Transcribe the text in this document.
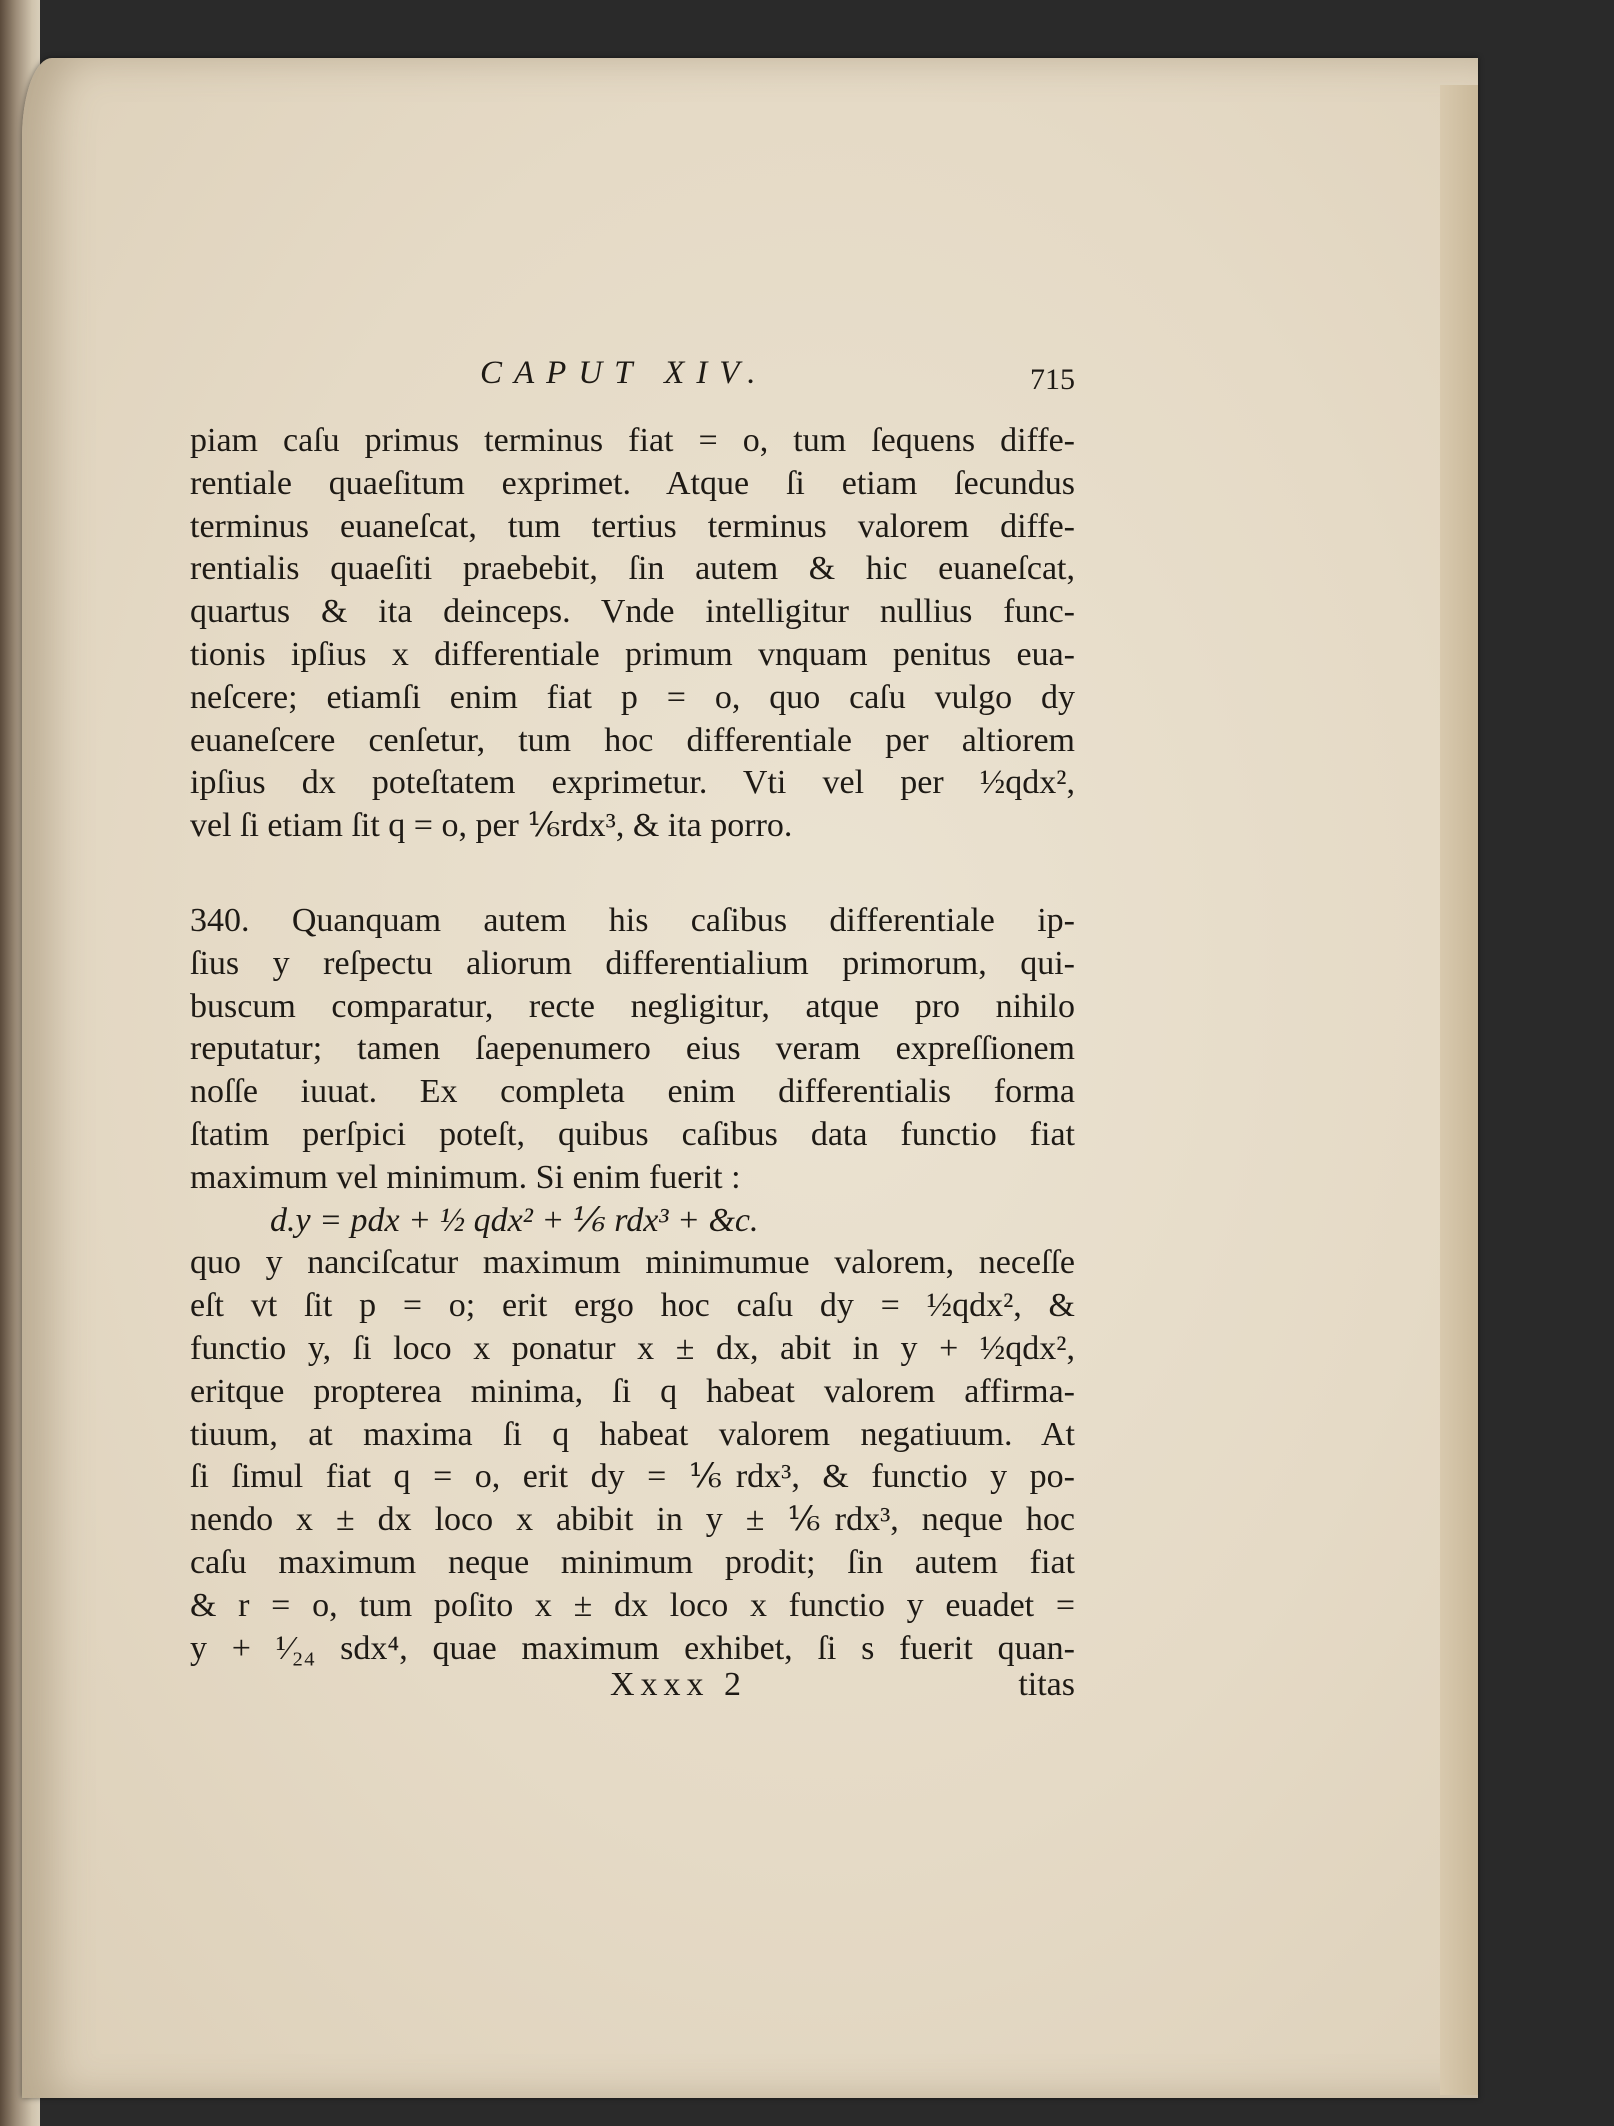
CAPUT XIV.	715
piam caſu primus terminus fiat = o, tum ſequens diffe-
rentiale quaeſitum exprimet. Atque ſi etiam ſecundus
terminus euaneſcat, tum tertius terminus valorem diffe-
rentialis quaeſiti praebebit, ſin autem & hic euaneſcat,
quartus & ita deinceps. Vnde intelligitur nullius func-
tionis ipſius x differentiale primum vnquam penitus eua-
neſcere; etiamſi enim fiat p = o, quo caſu vulgo dy
euaneſcere cenſetur, tum hoc differentiale per altiorem
ipſius dx poteſtatem exprimetur. Vti vel per ½qdx²,
vel ſi etiam ſit q = o, per ⅙rdx³, & ita porro.
340. Quanquam autem his caſibus differentiale ip-
ſius y reſpectu aliorum differentialium primorum, qui-
buscum comparatur, recte negligitur, atque pro nihilo
reputatur; tamen ſaepenumero eius veram expreſſionem
noſſe iuuat. Ex completa enim differentialis forma
ſtatim perſpici poteſt, quibus caſibus data functio fiat
maximum vel minimum. Si enim fuerit :
d.y = pdx + ½ qdx² + ⅙ rdx³ + &c.
quo y nanciſcatur maximum minimumue valorem, neceſſe
eſt vt ſit p = o; erit ergo hoc caſu dy = ½qdx², &
functio y, ſi loco x ponatur x ± dx, abit in y + ½qdx²,
eritque propterea minima, ſi q habeat valorem affirma-
tiuum, at maxima ſi q habeat valorem negatiuum. At
ſi ſimul fiat q = o, erit dy = ⅙rdx³, & functio y po-
nendo x ± dx loco x abibit in y ± ⅙rdx³, neque hoc
caſu maximum neque minimum prodit; ſin autem fiat
& r = o, tum poſito x ± dx loco x functio y euadet =
y + ¹⁄₂₄ sdx⁴, quae maximum exhibet, ſi s fuerit quan-
Xxxx 2	titas
